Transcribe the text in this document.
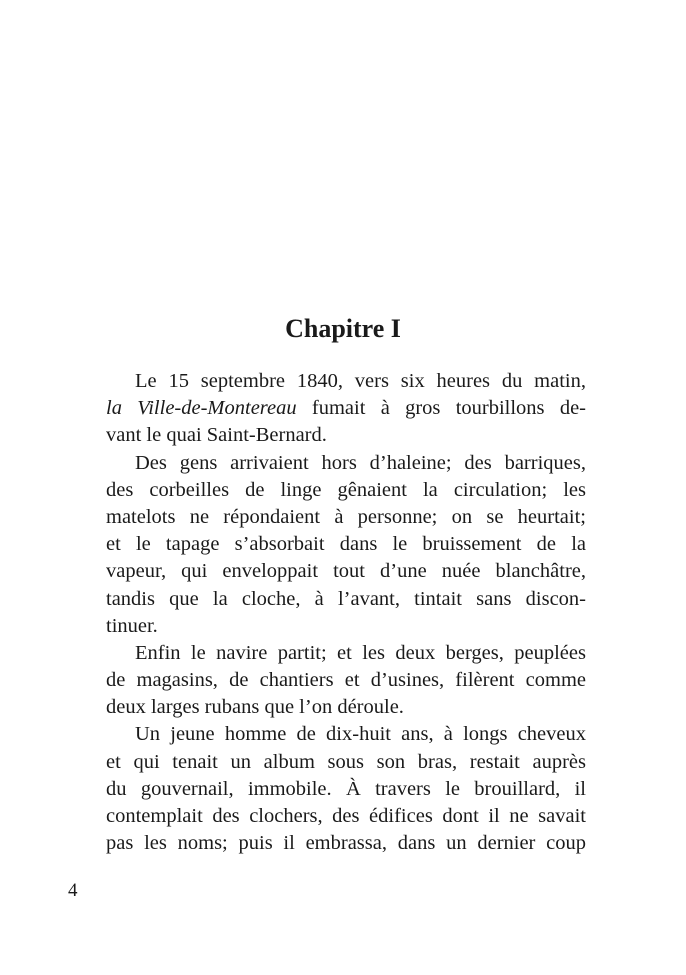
Chapitre I
Le 15 septembre 1840, vers six heures du matin,
la Ville-de-Montereau fumait à gros tourbillons de-
vant le quai Saint-Bernard.
Des gens arrivaient hors d’haleine; des barriques,
des corbeilles de linge gênaient la circulation; les
matelots ne répondaient à personne; on se heurtait;
et le tapage s’absorbait dans le bruissement de la
vapeur, qui enveloppait tout d’une nuée blanchâtre,
tandis que la cloche, à l’avant, tintait sans discon-
tinuer.
Enfin le navire partit; et les deux berges, peuplées
de magasins, de chantiers et d’usines, filèrent comme
deux larges rubans que l’on déroule.
Un jeune homme de dix-huit ans, à longs cheveux
et qui tenait un album sous son bras, restait auprès
du gouvernail, immobile. À travers le brouillard, il
contemplait des clochers, des édifices dont il ne savait
pas les noms; puis il embrassa, dans un dernier coup
4
